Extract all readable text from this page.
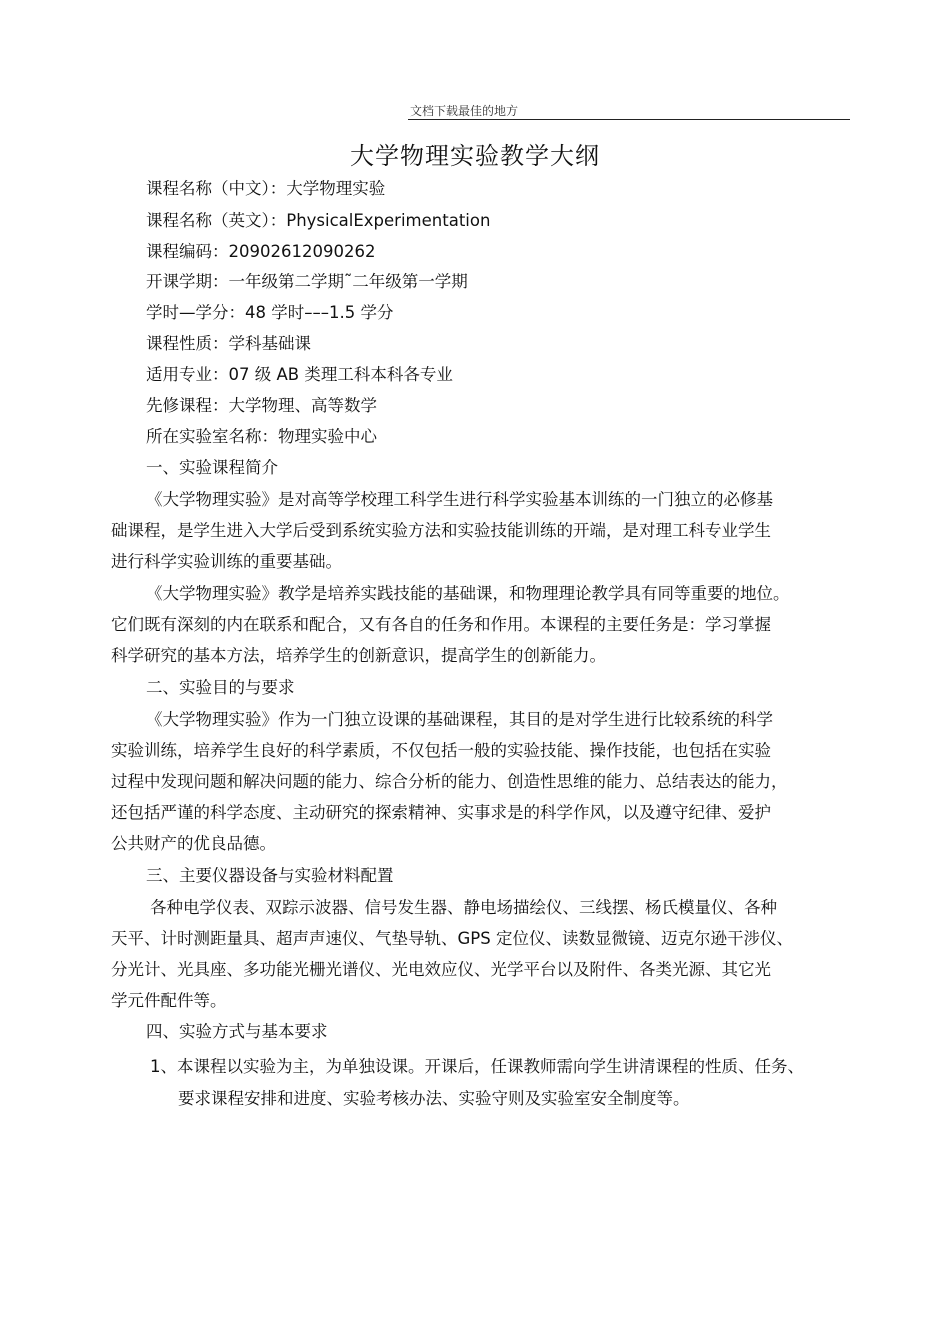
文档下载最佳的地方
大学物理实验教学大纲
课程名称（中文）：大学物理实验
课程名称（英文）：PhysicalExperimentation
课程编码：20902612090262
开课学期：一年级第二学期˜二年级第一学期
学时—学分：48 学时–––1.5 学分
课程性质：学科基础课
适用专业：07 级 AB 类理工科本科各专业
先修课程：大学物理、高等数学
所在实验室名称：物理实验中心
一、实验课程简介
《大学物理实验》是对高等学校理工科学生进行科学实验基本训练的一门独立的必修基
础课程，是学生进入大学后受到系统实验方法和实验技能训练的开端，是对理工科专业学生
进行科学实验训练的重要基础。
《大学物理实验》教学是培养实践技能的基础课，和物理理论教学具有同等重要的地位。
它们既有深刻的内在联系和配合，又有各自的任务和作用。本课程的主要任务是：学习掌握
科学研究的基本方法，培养学生的创新意识，提高学生的创新能力。
二、实验目的与要求
《大学物理实验》作为一门独立设课的基础课程，其目的是对学生进行比较系统的科学
实验训练，培养学生良好的科学素质，不仅包括一般的实验技能、操作技能，也包括在实验
过程中发现问题和解决问题的能力、综合分析的能力、创造性思维的能力、总结表达的能力，
还包括严谨的科学态度、主动研究的探索精神、实事求是的科学作风，以及遵守纪律、爱护
公共财产的优良品德。
三、主要仪器设备与实验材料配置
各种电学仪表、双踪示波器、信号发生器、静电场描绘仪、三线摆、杨氏模量仪、各种
天平、计时测距量具、超声声速仪、气垫导轨、GPS 定位仪、读数显微镜、迈克尔逊干涉仪、
分光计、光具座、多功能光栅光谱仪、光电效应仪、光学平台以及附件、各类光源、其它光
学元件配件等。
四、实验方式与基本要求
1、本课程以实验为主，为单独设课。开课后，任课教师需向学生讲清课程的性质、任务、
要求课程安排和进度、实验考核办法、实验守则及实验室安全制度等。
